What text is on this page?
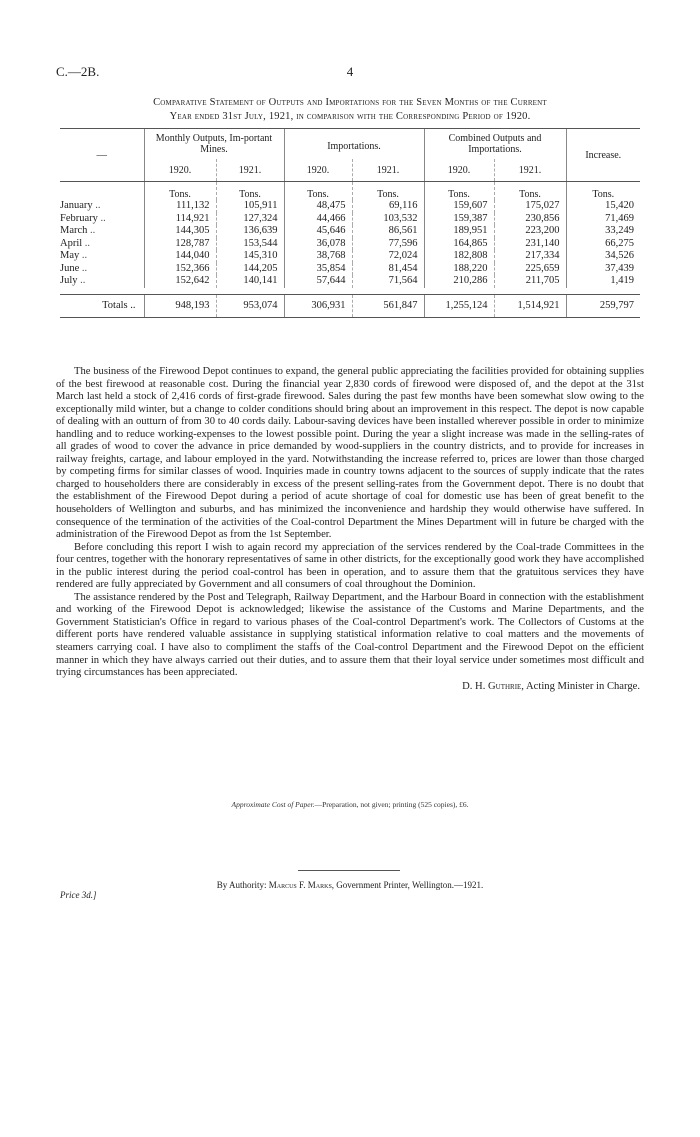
C.—2B.	4
Comparative Statement of Outputs and Importations for the Seven Months of the Current
Year ended 31st July, 1921, in comparison with the Corresponding Period of 1920.

—	Monthly Outputs, Im-portant Mines.		Importations.		Combined Outputs and Importations.		Increase.
	1920.	1921.	1920.	1921.	1920.	1921.	
	Tons.	Tons.	Tons.	Tons.	Tons.	Tons.	Tons.
January ..	111,132	105,911	48,475	69,116	159,607	175,027	15,420
February ..	114,921	127,324	44,466	103,532	159,387	230,856	71,469
March ..	144,305	136,639	45,646	86,561	189,951	223,200	33,249
April ..	128,787	153,544	36,078	77,596	164,865	231,140	66,275
May ..	144,040	145,310	38,768	72,024	182,808	217,334	34,526
June ..	152,366	144,205	35,854	81,454	188,220	225,659	37,439
July ..	152,642	140,141	57,644	71,564	210,286	211,705	1,419

Totals ..	948,193	953,074	306,931	561,847	1,255,124	1,514,921	259,797

The business of the Firewood Depot continues to expand, the general public appreciating the facilities provided for obtaining supplies of the best firewood at reasonable cost. During the financial year 2,830 cords of firewood were disposed of, and the depot at the 31st March last held a stock of 2,416 cords of first-grade firewood. Sales during the past few months have been somewhat slow owing to the exceptionally mild winter, but a change to colder conditions should bring about an improvement in this respect. The depot is now capable of dealing with an outturn of from 30 to 40 cords daily. Labour-saving devices have been installed wherever possible in order to minimize handling and to reduce working-expenses to the lowest possible point. During the year a slight increase was made in the selling-rates of all grades of wood to cover the advance in price demanded by wood-suppliers in the country districts, and to provide for increases in railway freights, cartage, and labour employed in the yard. Notwithstanding the increase referred to, prices are lower than those charged by competing firms for similar classes of wood. Inquiries made in country towns adjacent to the sources of supply indicate that the rates charged to householders there are considerably in excess of the present selling-rates from the Government depot. There is no doubt that the establishment of the Firewood Depot during a period of acute shortage of coal for domestic use has been of great benefit to the householders of Wellington and suburbs, and has minimized the inconvenience and hardship they would otherwise have suffered. In consequence of the termination of the activities of the Coal-control Department the Mines Department will in future be charged with the administration of the Firewood Depot as from the 1st September.

Before concluding this report I wish to again record my appreciation of the services rendered by the Coal-trade Committees in the four centres, together with the honorary representatives of same in other districts, for the exceptionally good work they have accomplished in the public interest during the period coal-control has been in operation, and to assure them that the gratuitous services they have rendered are fully appreciated by Government and all consumers of coal throughout the Dominion.

The assistance rendered by the Post and Telegraph, Railway Department, and the Harbour Board in connection with the establishment and working of the Firewood Depot is acknowledged; likewise the assistance of the Customs and Marine Departments, and the Government Statistician's Office in regard to various phases of the Coal-control Department's work. The Collectors of Customs at the different ports have rendered valuable assistance in supplying statistical information relative to coal matters and the movements of steamers carrying coal. I have also to compliment the staffs of the Coal-control Department and the Firewood Depot on the efficient manner in which they have always carried out their duties, and to assure them that their loyal service under sometimes most difficult and trying circumstances has been appreciated.

D. H. Guthrie, Acting Minister in Charge.
Approximate Cost of Paper.—Preparation, not given; printing (525 copies), £6.
By Authority: Marcus F. Marks, Government Printer, Wellington.—1921.
Price 3d.]
